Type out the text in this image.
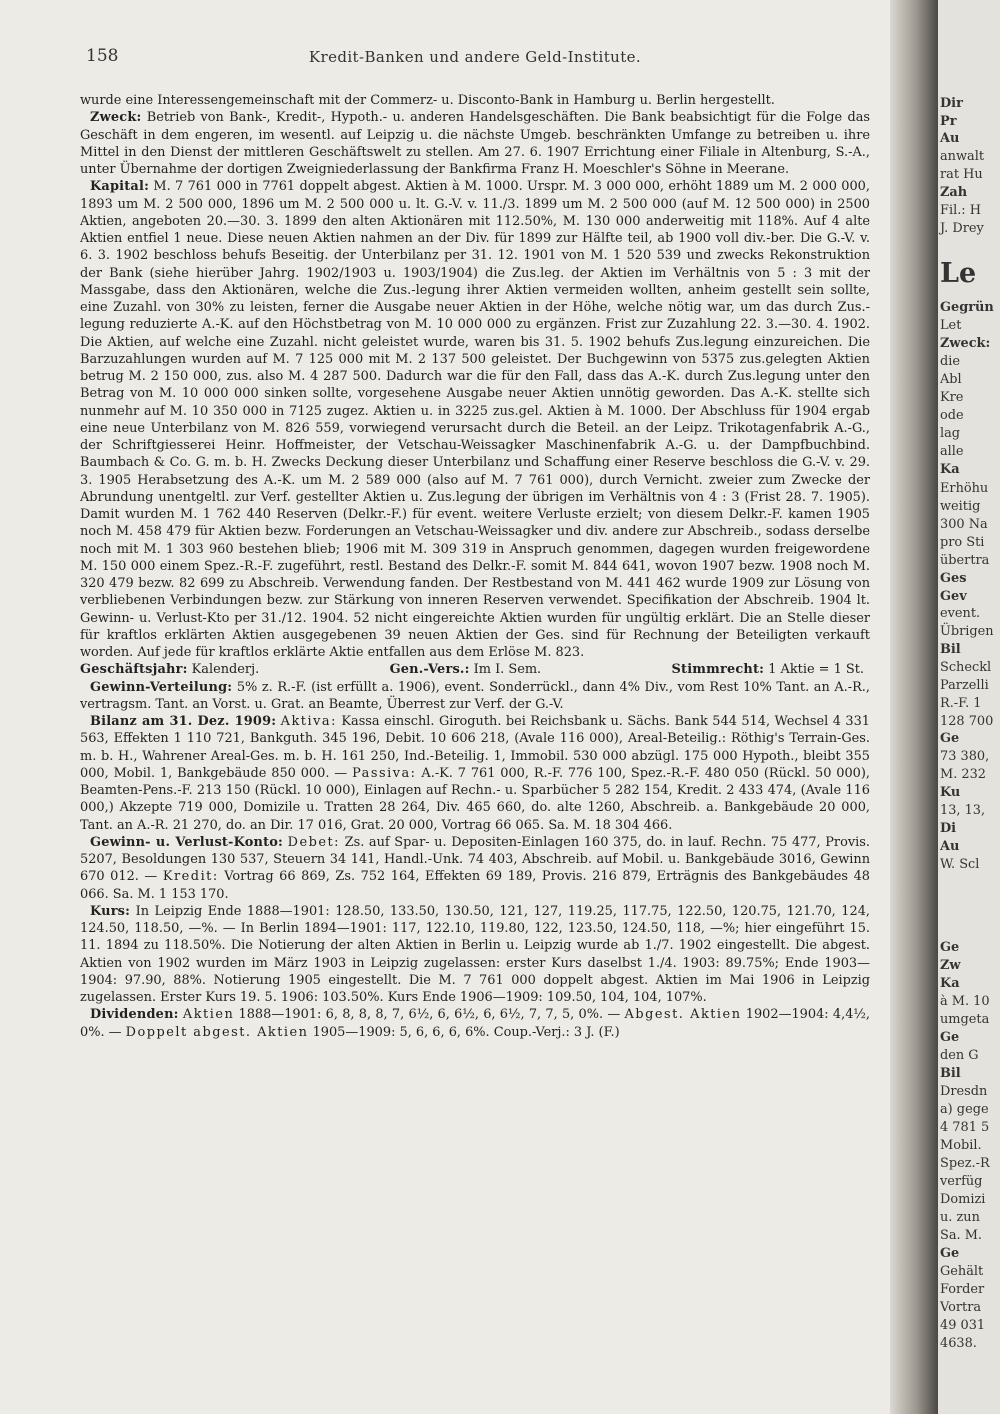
158	Kredit-Banken und andere Geld-Institute.

wurde eine Interessengemeinschaft mit der Commerz- u. Disconto-Bank in Hamburg u. Berlin hergestellt.

Zweck: Betrieb von Bank-, Kredit-, Hypoth.- u. anderen Handelsgeschäften. Die Bank beabsichtigt für die Folge das Geschäft in dem engeren, im wesentl. auf Leipzig u. die nächste Umgeb. beschränkten Umfange zu betreiben u. ihre Mittel in den Dienst der mittleren Geschäftswelt zu stellen. Am 27. 6. 1907 Errichtung einer Filiale in Altenburg, S.-A., unter Übernahme der dortigen Zweigniederlassung der Bankfirma Franz H. Moeschler's Söhne in Meerane.

Kapital: M. 7 761 000 in 7761 doppelt abgest. Aktien à M. 1000. Urspr. M. 3 000 000, erhöht 1889 um M. 2 000 000, 1893 um M. 2 500 000, 1896 um M. 2 500 000 u. lt. G.-V. v. 11./3. 1899 um M. 2 500 000 (auf M. 12 500 000) in 2500 Aktien, angeboten 20.—30. 3. 1899 den alten Aktionären mit 112.50%, M. 130 000 anderweitig mit 118%. Auf 4 alte Aktien entfiel 1 neue. Diese neuen Aktien nahmen an der Div. für 1899 zur Hälfte teil, ab 1900 voll div.-ber. Die G.-V. v. 6. 3. 1902 beschloss behufs Beseitig. der Unterbilanz per 31. 12. 1901 von M. 1 520 539 und zwecks Rekonstruktion der Bank (siehe hierüber Jahrg. 1902/1903 u. 1903/1904) die Zus.leg. der Aktien im Verhältnis von 5 : 3 mit der Massgabe, dass den Aktionären, welche die Zus.-legung ihrer Aktien vermeiden wollten, anheim gestellt sein sollte, eine Zuzahl. von 30% zu leisten, ferner die Ausgabe neuer Aktien in der Höhe, welche nötig war, um das durch Zus.-legung reduzierte A.-K. auf den Höchstbetrag von M. 10 000 000 zu ergänzen. Frist zur Zuzahlung 22. 3.—30. 4. 1902. Die Aktien, auf welche eine Zuzahl. nicht geleistet wurde, waren bis 31. 5. 1902 behufs Zus.legung einzureichen. Die Barzuzahlungen wurden auf M. 7 125 000 mit M. 2 137 500 geleistet. Der Buchgewinn von 5375 zus.gelegten Aktien betrug M. 2 150 000, zus. also M. 4 287 500. Dadurch war die für den Fall, dass das A.-K. durch Zus.legung unter den Betrag von M. 10 000 000 sinken sollte, vorgesehene Ausgabe neuer Aktien unnötig geworden. Das A.-K. stellte sich nunmehr auf M. 10 350 000 in 7125 zugez. Aktien u. in 3225 zus.gel. Aktien à M. 1000. Der Abschluss für 1904 ergab eine neue Unterbilanz von M. 826 559, vorwiegend verursacht durch die Beteil. an der Leipz. Trikotagenfabrik A.-G., der Schriftgiesserei Heinr. Hoffmeister, der Vetschau-Weissagker Maschinenfabrik A.-G. u. der Dampfbuchbind. Baumbach & Co. G. m. b. H. Zwecks Deckung dieser Unterbilanz und Schaffung einer Reserve beschloss die G.-V. v. 29. 3. 1905 Herabsetzung des A.-K. um M. 2 589 000 (also auf M. 7 761 000), durch Vernicht. zweier zum Zwecke der Abrundung unentgeltl. zur Verf. gestellter Aktien u. Zus.legung der übrigen im Verhältnis von 4 : 3 (Frist 28. 7. 1905). Damit wurden M. 1 762 440 Reserven (Delkr.-F.) für event. weitere Verluste erzielt; von diesem Delkr.-F. kamen 1905 noch M. 458 479 für Aktien bezw. Forderungen an Vetschau-Weissagker und div. andere zur Abschreib., sodass derselbe noch mit M. 1 303 960 bestehen blieb; 1906 mit M. 309 319 in Anspruch genommen, dagegen wurden freigewordene M. 150 000 einem Spez.-R.-F. zugeführt, restl. Bestand des Delkr.-F. somit M. 844 641, wovon 1907 bezw. 1908 noch M. 320 479 bezw. 82 699 zu Abschreib. Verwendung fanden. Der Restbestand von M. 441 462 wurde 1909 zur Lösung von verbliebenen Verbindungen bezw. zur Stärkung von inneren Reserven verwendet. Specifikation der Abschreib. 1904 lt. Gewinn- u. Verlust-Kto per 31./12. 1904. 52 nicht eingereichte Aktien wurden für ungültig erklärt. Die an Stelle dieser für kraftlos erklärten Aktien ausgegebenen 39 neuen Aktien der Ges. sind für Rechnung der Beteiligten verkauft worden. Auf jede für kraftlos erklärte Aktie entfallen aus dem Erlöse M. 823.

Geschäftsjahr: Kalenderj.	Gen.-Vers.: Im I. Sem.	Stimmrecht: 1 Aktie = 1 St.

Gewinn-Verteilung: 5% z. R.-F. (ist erfüllt a. 1906), event. Sonderrückl., dann 4% Div., vom Rest 10% Tant. an A.-R., vertragsm. Tant. an Vorst. u. Grat. an Beamte, Überrest zur Verf. der G.-V.

Bilanz am 31. Dez. 1909: Aktiva: Kassa einschl. Giroguth. bei Reichsbank u. Sächs. Bank 544 514, Wechsel 4 331 563, Effekten 1 110 721, Bankguth. 345 196, Debit. 10 606 218, (Avale 116 000), Areal-Beteilig.: Röthig's Terrain-Ges. m. b. H., Wahrener Areal-Ges. m. b. H. 161 250, Ind.-Beteilig. 1, Immobil. 530 000 abzügl. 175 000 Hypoth., bleibt 355 000, Mobil. 1, Bankgebäude 850 000. — Passiva: A.-K. 7 761 000, R.-F. 776 100, Spez.-R.-F. 480 050 (Rückl. 50 000), Beamten-Pens.-F. 213 150 (Rückl. 10 000), Einlagen auf Rechn.- u. Sparbücher 5 282 154, Kredit. 2 433 474, (Avale 116 000,) Akzepte 719 000, Domizile u. Tratten 28 264, Div. 465 660, do. alte 1260, Abschreib. a. Bankgebäude 20 000, Tant. an A.-R. 21 270, do. an Dir. 17 016, Grat. 20 000, Vortrag 66 065. Sa. M. 18 304 466.

Gewinn- u. Verlust-Konto: Debet: Zs. auf Spar- u. Depositen-Einlagen 160 375, do. in lauf. Rechn. 75 477, Provis. 5207, Besoldungen 130 537, Steuern 34 141, Handl.-Unk. 74 403, Abschreib. auf Mobil. u. Bankgebäude 3016, Gewinn 670 012. — Kredit: Vortrag 66 869, Zs. 752 164, Effekten 69 189, Provis. 216 879, Erträgnis des Bankgebäudes 48 066. Sa. M. 1 153 170.

Kurs: In Leipzig Ende 1888—1901: 128.50, 133.50, 130.50, 121, 127, 119.25, 117.75, 122.50, 120.75, 121.70, 124, 124.50, 118.50, —%. — In Berlin 1894—1901: 117, 122.10, 119.80, 122, 123.50, 124.50, 118, —%; hier eingeführt 15. 11. 1894 zu 118.50%. Die Notierung der alten Aktien in Berlin u. Leipzig wurde ab 1./7. 1902 eingestellt. Die abgest. Aktien von 1902 wurden im März 1903 in Leipzig zugelassen: erster Kurs daselbst 1./4. 1903: 89.75%; Ende 1903—1904: 97.90, 88%. Notierung 1905 eingestellt. Die M. 7 761 000 doppelt abgest. Aktien im Mai 1906 in Leipzig zugelassen. Erster Kurs 19. 5. 1906: 103.50%. Kurs Ende 1906—1909: 109.50, 104, 104, 107%.

Dividenden: Aktien 1888—1901: 6, 8, 8, 8, 7, 6½, 6, 6½, 6, 6½, 7, 7, 5, 0%. — Abgest. Aktien 1902—1904: 4,4½, 0%. — Doppelt abgest. Aktien 1905—1909: 5, 6, 6, 6, 6%. Coup.-Verj.: 3 J. (F.)

Dir
Pr
Au
anwalt
rat Hu
Zah
Fil.: H
J. Drey
Le
Gegrün
Let
Zweck:
die
Abl
Kre
ode
lag
alle
Ka
Erhöhu
weitig
300 Na
pro Sti
übertra
Ges
Gev
event.
Übrigen
Bil
Scheckl
Parzelli
R.-F. 1
128 700
Ge
73 380,
M. 232
Ku
13, 13,
Di
Au
W. Scl
Ge
Zw
Ka
à M. 10
umgeta
Ge
den G
Bil
Dresdn
a) gege
4 781 5
Mobil.
Spez.-R
verfüg
Domizi
u. zun
Sa. M.
Ge
Gehält
Forder
Vortra
49 031
4638.
